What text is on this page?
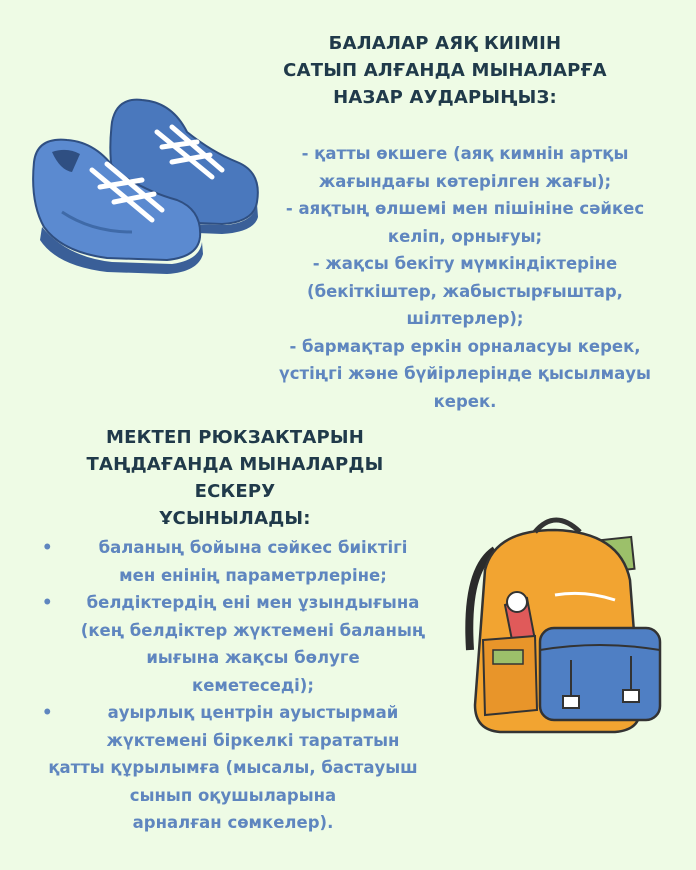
БАЛАЛАР АЯҚ КИІМІН
САТЫП АЛҒАНДА МЫНАЛАРҒА
НАЗАР АУДАРЫҢЫЗ:
- қатты өкшеге (аяқ кимнін артқы
жағындағы көтерілген жағы);
- аяқтың өлшемі мен пішініне сәйкес
келіп, орнығуы;
- жақсы бекіту мүмкіндіктеріне
(бекіткіштер, жабыстырғыштар,
шілтерлер);
- бармақтар еркін орналасуы керек,
үстіңгі және бүйірлерінде қысылмауы
керек.
МЕКТЕП РЮКЗАКТАРЫН
ТАҢДАҒАНДА МЫНАЛАРДЫ ЕСКЕРУ
ҰСЫНЫЛАДЫ:
•
•
•
баланың бойына сәйкес биіктігі
мен енінің параметрлеріне;
белдіктердің ені мен ұзындығына
(кең белдіктер жүктемені баланың
иығына жақсы бөлуге
кеметеседі);
ауырлық центрін ауыстырмай
жүктемені біркелкі тарататын
қатты құрылымға (мысалы, бастауыш
сынып оқушыларына
арналған сөмкелер).
